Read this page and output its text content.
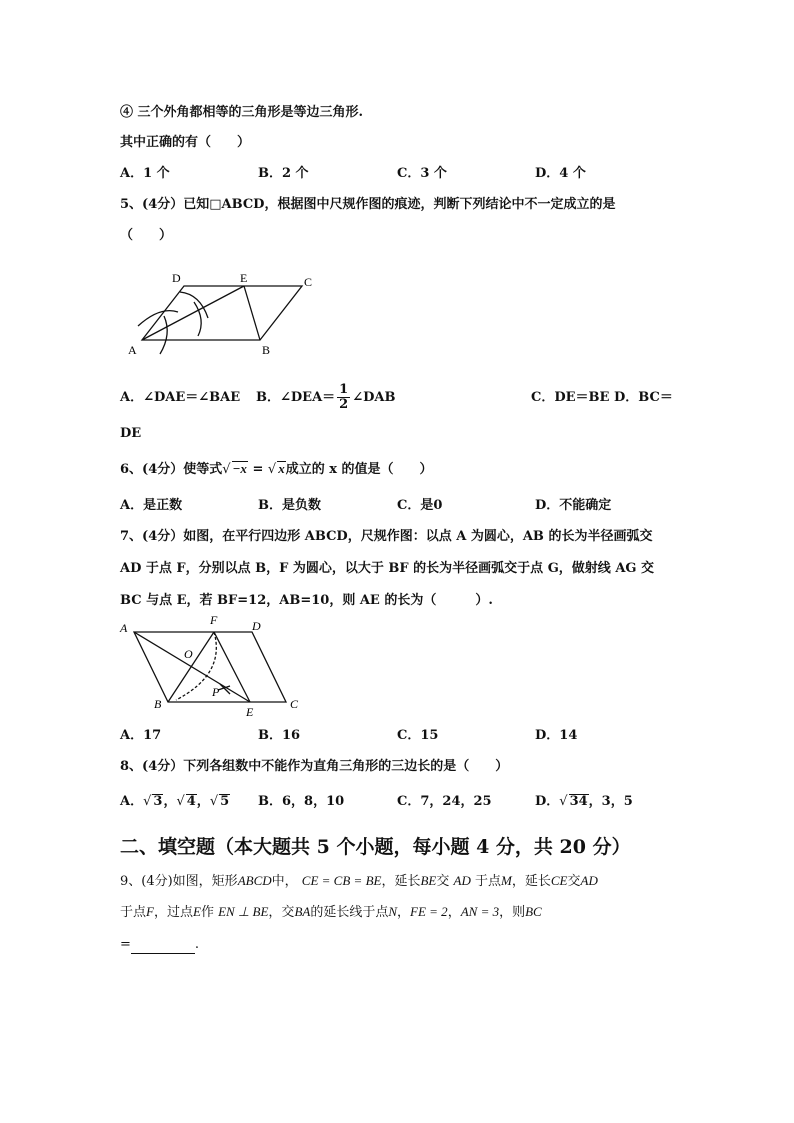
④ 三个外角都相等的三角形是等边三角形.
其中正确的有（　　）
A．1 个	B．2 个	C．3 个	D．4 个
5、(4分）已知□ABCD，根据图中尺规作图的痕迹，判断下列结论中不一定成立的是
（　　）
A	B
C
D	E
A．∠DAE＝∠BAE B．∠DEA＝ $\frac{1}{2}$ ∠DAB	C．DE＝BE D．BC＝
DE
6、(4分）使等式√ −x = √ x成立的 x 的值是（　　）
A．是正数	B．是负数	C．是0	D．不能确定
7、(4分）如图，在平行四边形 ABCD，尺规作图：以点 A 为圆心，AB 的长为半径画弧交
AD 于点 F，分别以点 B，F 为圆心，以大于 BF 的长为半径画弧交于点 G，做射线 AG 交
BC 与点 E，若 BF=12，AB=10，则 AE 的长为（　　　）.
A
B	C
D
E
F
O
P
A．17	B．16	C．15	D．14
8、(4分）下列各组数中不能作为直角三角形的三边长的是（　　）
A．√ 3，√ 4，√ 5 B．6，8，10	C．7，24，25	D．√ 34，3，5
二、填空题（本大题共 5 个小题，每小题 4 分，共 20 分）
9、(4分)如图，矩形ABCD中， CE = CB = BE，延长BE交 AD 于点M，延长CE交AD
于点F，过点E作 EN ⊥ BE，交BA的延长线于点N，FE = 2，AN = 3，则BC
=	.
